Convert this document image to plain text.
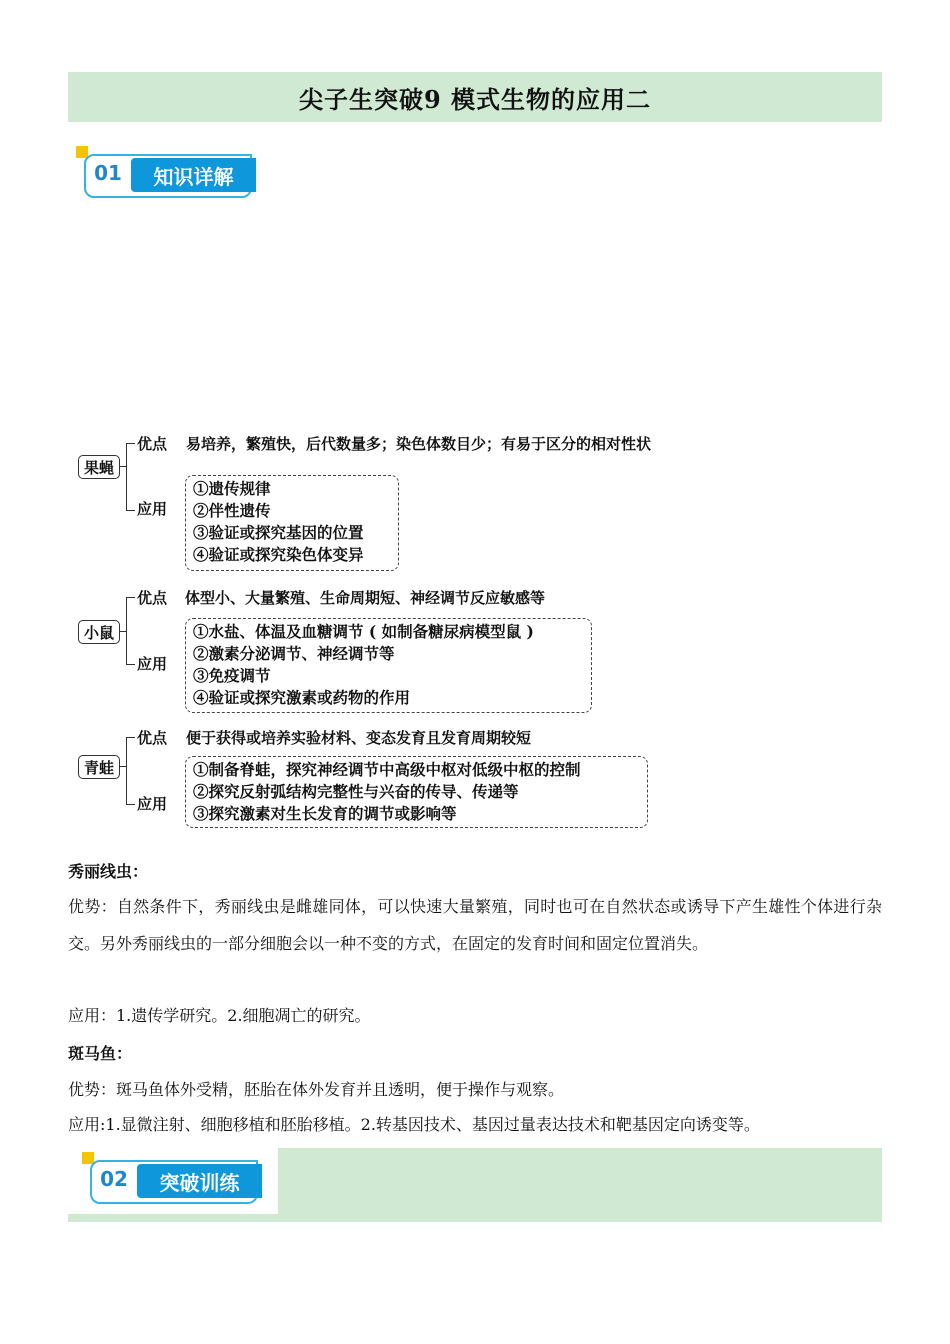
尖子生突破9 模式生物的应用二
01	知识详解
果蝇
优点 易培养，繁殖快，后代数量多；染色体数目少；有易于区分的相对性状
应用
①遗传规律
②伴性遗传
③验证或探究基因的位置
④验证或探究染色体变异
小鼠
优点 体型小、大量繁殖、生命周期短、神经调节反应敏感等
应用
①水盐、体温及血糖调节 ( 如制备糖尿病模型鼠 )
②激素分泌调节、神经调节等
③免疫调节
④验证或探究激素或药物的作用
青蛙
优点 便于获得或培养实验材料、变态发育且发育周期较短
应用
①制备脊蛙，探究神经调节中高级中枢对低级中枢的控制
②探究反射弧结构完整性与兴奋的传导、传递等
③探究激素对生长发育的调节或影响等
秀丽线虫：
优势：自然条件下，秀丽线虫是雌雄同体，可以快速大量繁殖，同时也可在自然状态或诱导下产生雄性个体进行杂交。另外秀丽线虫的一部分细胞会以一种不变的方式，在固定的发育时间和固定位置消失。
应用：1.遗传学研究。2.细胞凋亡的研究。
斑马鱼：
优势：斑马鱼体外受精，胚胎在体外发育并且透明，便于操作与观察。
应用:1.显微注射、细胞移植和胚胎移植。2.转基因技术、基因过量表达技术和靶基因定向诱变等。
02	突破训练
